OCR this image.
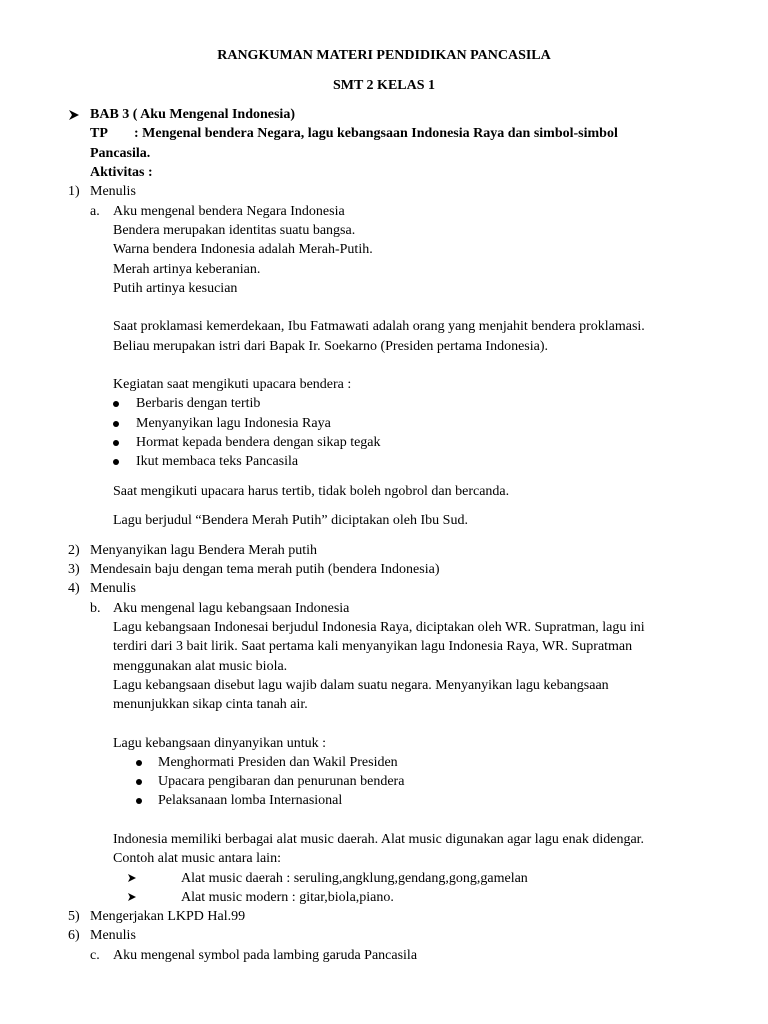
RANGKUMAN MATERI PENDIDIKAN PANCASILA
SMT 2 KELAS 1
BAB 3 ( Aku Mengenal Indonesia)
TP : Mengenal bendera Negara, lagu kebangsaan Indonesia Raya dan simbol-simbol
Pancasila.
Aktivitas :
1) Menulis
a. Aku mengenal bendera Negara Indonesia
Bendera merupakan identitas suatu bangsa.
Warna bendera Indonesia adalah Merah-Putih.
Merah artinya keberanian.
Putih artinya kesucian
Saat proklamasi kemerdekaan, Ibu Fatmawati adalah orang yang menjahit bendera proklamasi.
Beliau merupakan istri dari Bapak Ir. Soekarno (Presiden pertama Indonesia).
Kegiatan saat mengikuti upacara bendera :
Berbaris dengan tertib
Menyanyikan lagu Indonesia Raya
Hormat kepada bendera dengan sikap tegak
Ikut membaca teks Pancasila
Saat mengikuti upacara harus tertib, tidak boleh ngobrol dan bercanda.
Lagu berjudul “Bendera Merah Putih” diciptakan oleh Ibu Sud.
2) Menyanyikan lagu Bendera Merah putih
3) Mendesain baju dengan tema merah putih (bendera Indonesia)
4) Menulis
b. Aku mengenal lagu kebangsaan Indonesia
Lagu kebangsaan Indonesai berjudul Indonesia Raya, diciptakan oleh WR. Supratman, lagu ini
terdiri dari 3 bait lirik. Saat pertama kali menyanyikan lagu Indonesia Raya, WR. Supratman
menggunakan alat music biola.
Lagu kebangsaan disebut lagu wajib dalam suatu negara. Menyanyikan lagu kebangsaan
menunjukkan sikap cinta tanah air.
Lagu kebangsaan dinyanyikan untuk :
Menghormati Presiden dan Wakil Presiden
Upacara pengibaran dan penurunan bendera
Pelaksanaan lomba Internasional
Indonesia memiliki berbagai alat music daerah. Alat music digunakan agar lagu enak didengar.
Contoh alat music antara lain:
Alat music daerah : seruling,angklung,gendang,gong,gamelan
Alat music modern : gitar,biola,piano.
5) Mengerjakan LKPD Hal.99
6) Menulis
c. Aku mengenal symbol pada lambing garuda Pancasila
